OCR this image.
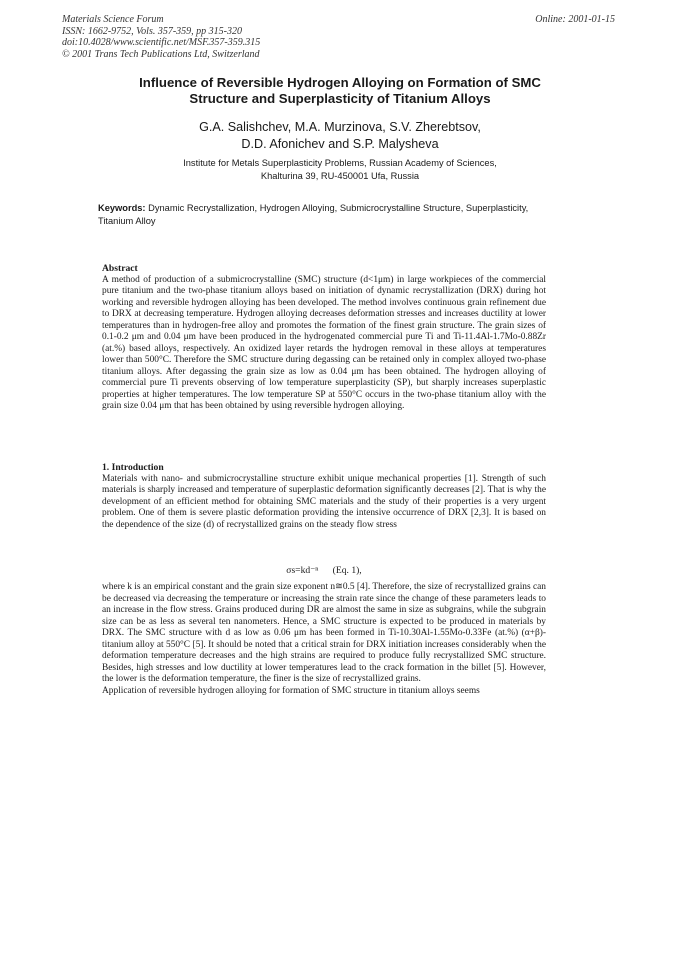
Materials Science Forum
ISSN: 1662-9752, Vols. 357-359, pp 315-320
doi:10.4028/www.scientific.net/MSF.357-359.315
© 2001 Trans Tech Publications Ltd, Switzerland
Online: 2001-01-15
Influence of Reversible Hydrogen Alloying on Formation of SMC
Structure and Superplasticity of Titanium Alloys
G.A. Salishchev, M.A. Murzinova, S.V. Zherebtsov,
D.D. Afonichev and S.P. Malysheva
Institute for Metals Superplasticity Problems, Russian Academy of Sciences,
Khalturina 39, RU-450001 Ufa, Russia
Keywords: Dynamic Recrystallization, Hydrogen Alloying, Submicrocrystalline Structure, Superplasticity, Titanium Alloy
Abstract

A method of production of a submicrocrystalline (SMC) structure (d<1μm) in large workpieces of the commercial pure titanium and the two-phase titanium alloys based on initiation of dynamic recrystallization (DRX) during hot working and reversible hydrogen alloying has been developed. The method involves continuous grain refinement due to DRX at decreasing temperature. Hydrogen alloying decreases deformation stresses and increases ductility at lower temperatures than in hydrogen-free alloy and promotes the formation of the finest grain structure. The grain sizes of 0.1-0.2 μm and 0.04 μm have been produced in the hydrogenated commercial pure Ti and Ti-11.4Al-1.7Mo-0.88Zr (at.%) based alloys, respectively. An oxidized layer retards the hydrogen removal in these alloys at temperatures lower than 500°C. Therefore the SMC structure during degassing can be retained only in complex alloyed two-phase titanium alloys. After degassing the grain size as low as 0.04 μm has been obtained. The hydrogen alloying of commercial pure Ti prevents observing of low temperature superplasticity (SP), but sharply increases superplastic properties at higher temperatures. The low temperature SP at 550°C occurs in the two-phase titanium alloy with the grain size 0.04 μm that has been obtained by using reversible hydrogen alloying.

1. Introduction

Materials with nano- and submicrocrystalline structure exhibit unique mechanical properties [1]. Strength of such materials is sharply increased and temperature of superplastic deformation significantly decreases [2]. That is why the development of an efficient method for obtaining SMC materials and the study of their properties is a very urgent problem. One of them is severe plastic deformation providing the intensive occurrence of DRX [2,3]. It is based on the dependence of the size (d) of recrystallized grains on the steady flow stress

σs=kd⁻ⁿ (Eq. 1),

where k is an empirical constant and the grain size exponent n≅0.5 [4]. Therefore, the size of recrystallized grains can be decreased via decreasing the temperature or increasing the strain rate since the change of these parameters leads to an increase in the flow stress. Grains produced during DR are almost the same in size as subgrains, while the subgrain size can be as less as several ten nanometers. Hence, a SMC structure is expected to be produced in materials by DRX. The SMC structure with d as low as 0.06 μm has been formed in Ti-10.30Al-1.55Mo-0.33Fe (at.%) (α+β)-titanium alloy at 550°C [5]. It should be noted that a critical strain for DRX initiation increases considerably when the deformation temperature decreases and the high strains are required to produce fully recrystallized SMC structure. Besides, high stresses and low ductility at lower temperatures lead to the crack formation in the billet [5]. However, the lower is the deformation temperature, the finer is the size of recrystallized grains.

Application of reversible hydrogen alloying for formation of SMC structure in titanium alloys seems
